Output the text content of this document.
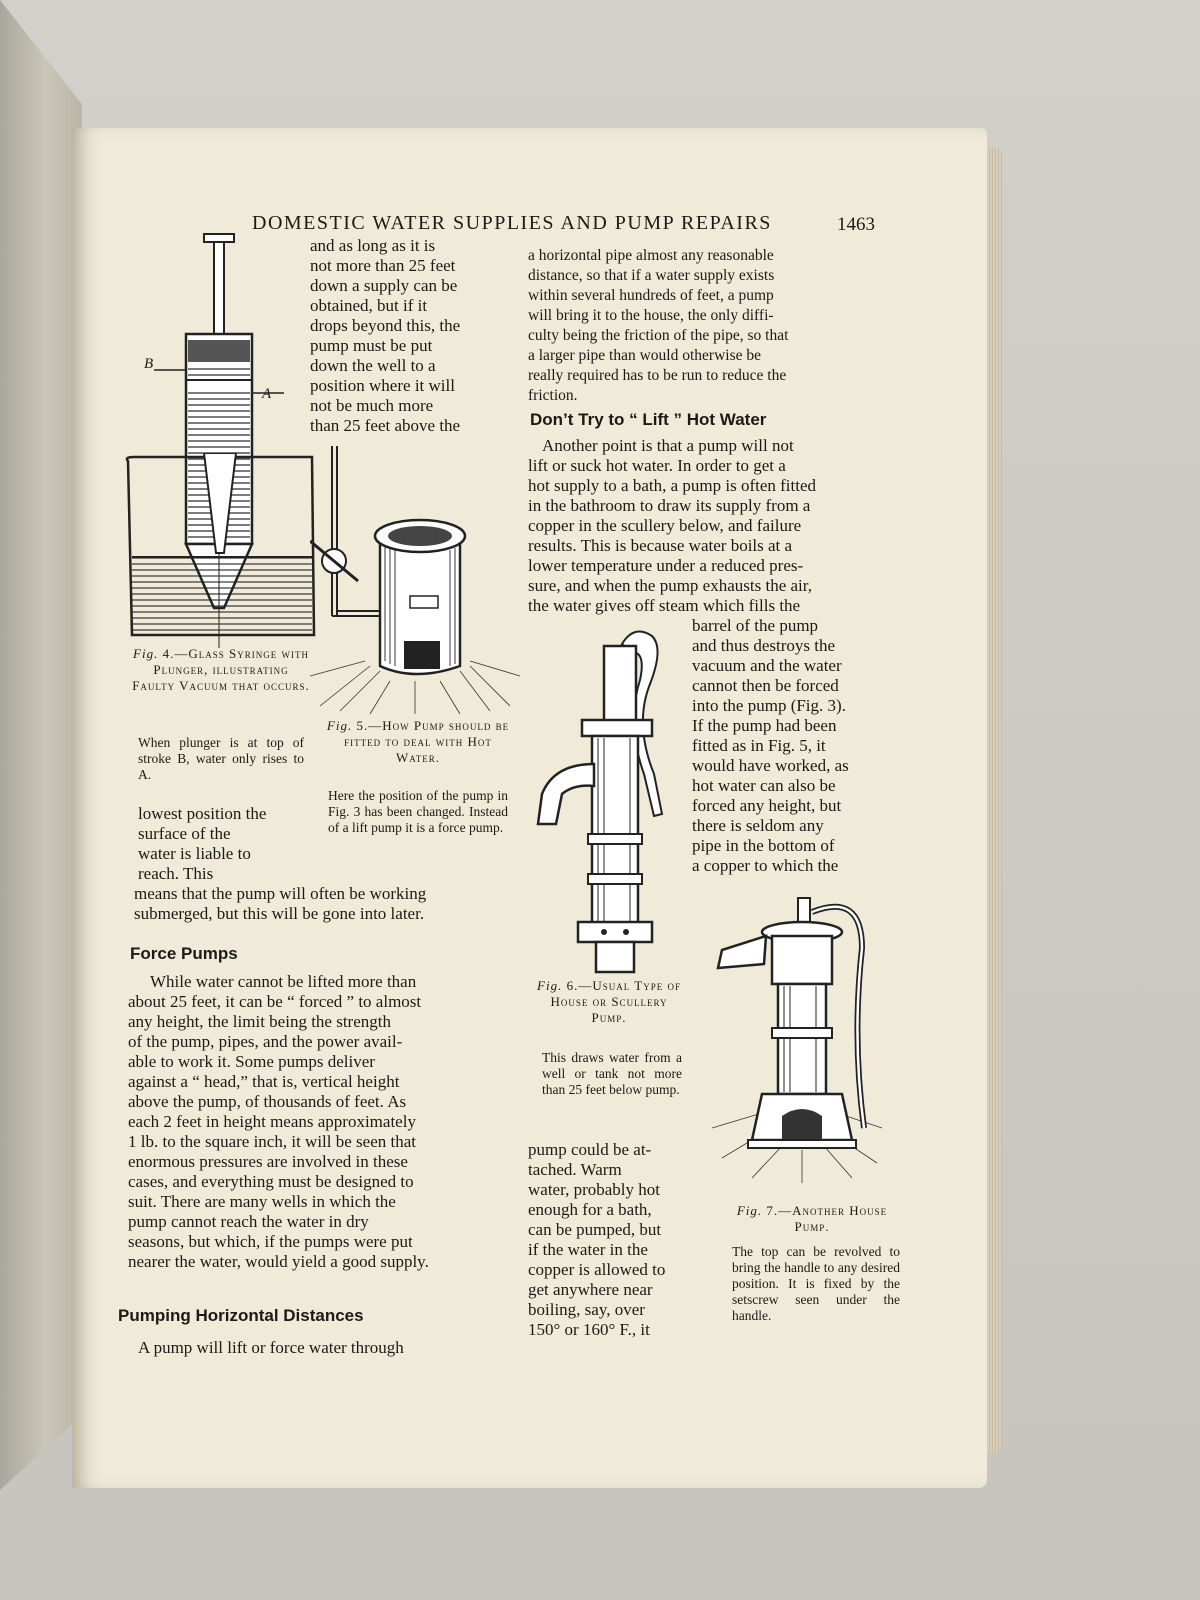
DOMESTIC WATER SUPPLIES AND PUMP REPAIRS	1463
B
A
Fig. 4.—Glass Syringe with Plunger, illustrating Faulty Vacuum that occurs.
When plunger is at top of stroke B, water only rises to A.
and as long as it is
not more than 25 feet
down a supply can be
obtained, but if it
drops beyond this, the
pump must be put
down the well to a
position where it will
not be much more
than 25 feet above the
Fig. 5.—How Pump should be fitted to deal with Hot Water.
Here the position of the pump in Fig. 3 has been changed. Instead of a lift pump it is a force pump.
lowest position the
surface of the
water is liable to
reach. This
means that the pump will often be working
submerged, but this will be gone into later.
Force Pumps
While water cannot be lifted more than
about 25 feet, it can be “ forced ” to almost
any height, the limit being the strength
of the pump, pipes, and the power avail-
able to work it. Some pumps deliver
against a “ head,” that is, vertical height
above the pump, of thousands of feet. As
each 2 feet in height means approximately
1 lb. to the square inch, it will be seen that
enormous pressures are involved in these
cases, and everything must be designed to
suit. There are many wells in which the
pump cannot reach the water in dry
seasons, but which, if the pumps were put
nearer the water, would yield a good supply.
Pumping Horizontal Distances
A pump will lift or force water through
a horizontal pipe almost any reasonable
distance, so that if a water supply exists
within several hundreds of feet, a pump
will bring it to the house, the only diffi-
culty being the friction of the pipe, so that
a larger pipe than would otherwise be
really required has to be run to reduce the
friction.
Don’t Try to “ Lift ” Hot Water
Another point is that a pump will not
lift or suck hot water. In order to get a
hot supply to a bath, a pump is often fitted
in the bathroom to draw its supply from a
copper in the scullery below, and failure
results. This is because water boils at a
lower temperature under a reduced pres-
sure, and when the pump exhausts the air,
the water gives off steam which fills the
Fig. 6.—Usual Type of House or Scullery Pump.
This draws water from a well or tank not more than 25 feet below pump.
barrel of the pump
and thus destroys the
vacuum and the water
cannot then be forced
into the pump (Fig. 3).
If the pump had been
fitted as in Fig. 5, it
would have worked, as
hot water can also be
forced any height, but
there is seldom any
pipe in the bottom of
a copper to which the
Fig. 7.—Another House Pump.
The top can be revolved to bring the handle to any desired position. It is fixed by the setscrew seen under the handle.
pump could be at-
tached. Warm
water, probably hot
enough for a bath,
can be pumped, but
if the water in the
copper is allowed to
get anywhere near
boiling, say, over
150° or 160° F., it
